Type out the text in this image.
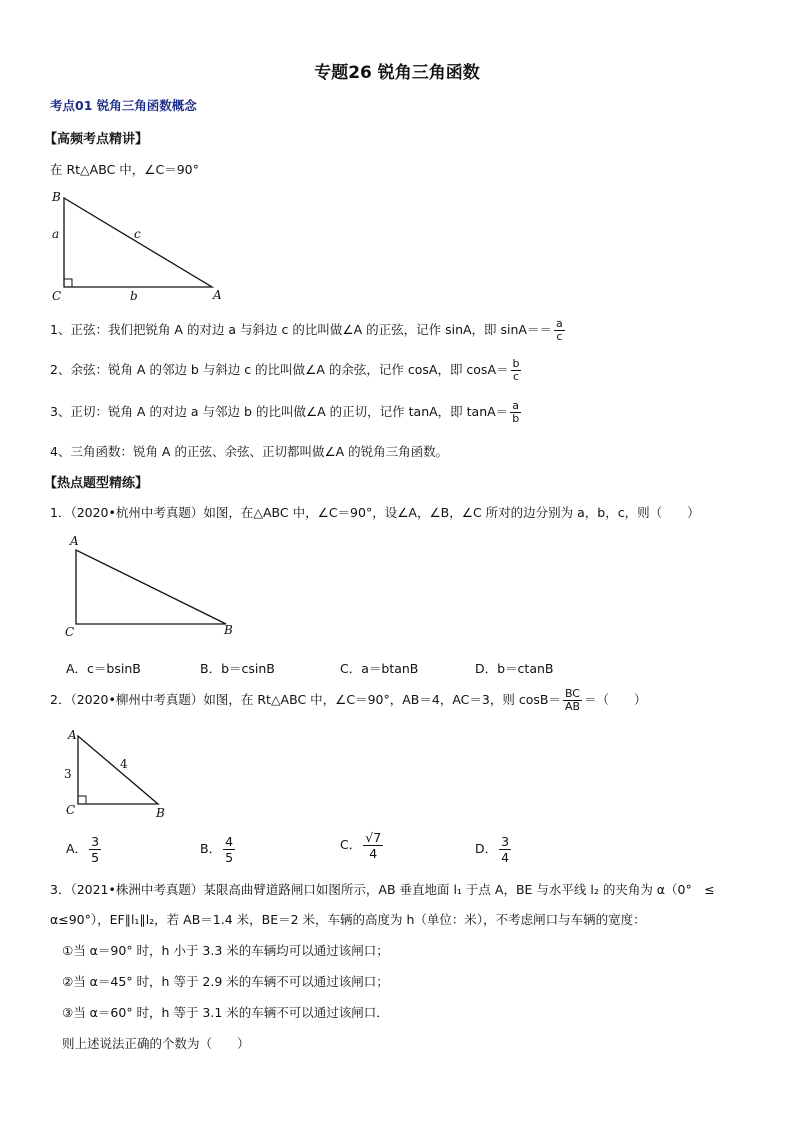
专题26 锐角三角函数
考点01 锐角三角函数概念
【高频考点精讲】
在 Rt△ABC 中，∠C＝90°
B
a	c
C	b	A
1、正弦：我们把锐角 A 的对边 a 与斜边 c 的比叫做∠A 的正弦，记作 sinA，即 $\sin A== \frac{a}{c}$
2、余弦：锐角 A 的邻边 b 与斜边 c 的比叫做∠A 的余弦，记作 cosA，即 $\cos A= \frac{b}{c}$
3、正切：锐角 A 的对边 a 与邻边 b 的比叫做∠A 的正切，记作 tanA，即 $\tan A= \frac{a}{b}$
4、三角函数：锐角 A 的正弦、余弦、正切都叫做∠A 的锐角三角函数。
【热点题型精练】
1．（2020•杭州中考真题）如图，在△ABC 中，∠C＝90°，设∠A，∠B，∠C 所对的边分别为 a，b，c，则（　　）
A
C	B
A．c＝bsinB	B．b＝csinB	C．a＝btanB	D．b＝ctanB
2．（2020•柳州中考真题）如图，在 Rt△ABC 中，∠C＝90°，AB＝4，AC＝3，则 $\cos B= \frac{BC}{AB}$ ＝（　　）
A
3
4
C	B
A． $\frac{3}{5}$	B． $\frac{4}{5}$	C． $\frac{√7}{4}$	D． $\frac{3}{4}$
3．（2021•株洲中考真题）某限高曲臂道路闸口如图所示，AB 垂直地面 l₁ 于点 A，BE 与水平线 l₂ 的夹角为 α（0°　≤
α≤90°），EF∥l₁∥l₂，若 AB＝1.4 米，BE＝2 米，车辆的高度为 h（单位：米），不考虑闸口与车辆的宽度：
①当 α＝90° 时，h 小于 3.3 米的车辆均可以通过该闸口；
②当 α＝45° 时，h 等于 2.9 米的车辆不可以通过该闸口；
③当 α＝60° 时，h 等于 3.1 米的车辆不可以通过该闸口．
则上述说法正确的个数为（　　）
